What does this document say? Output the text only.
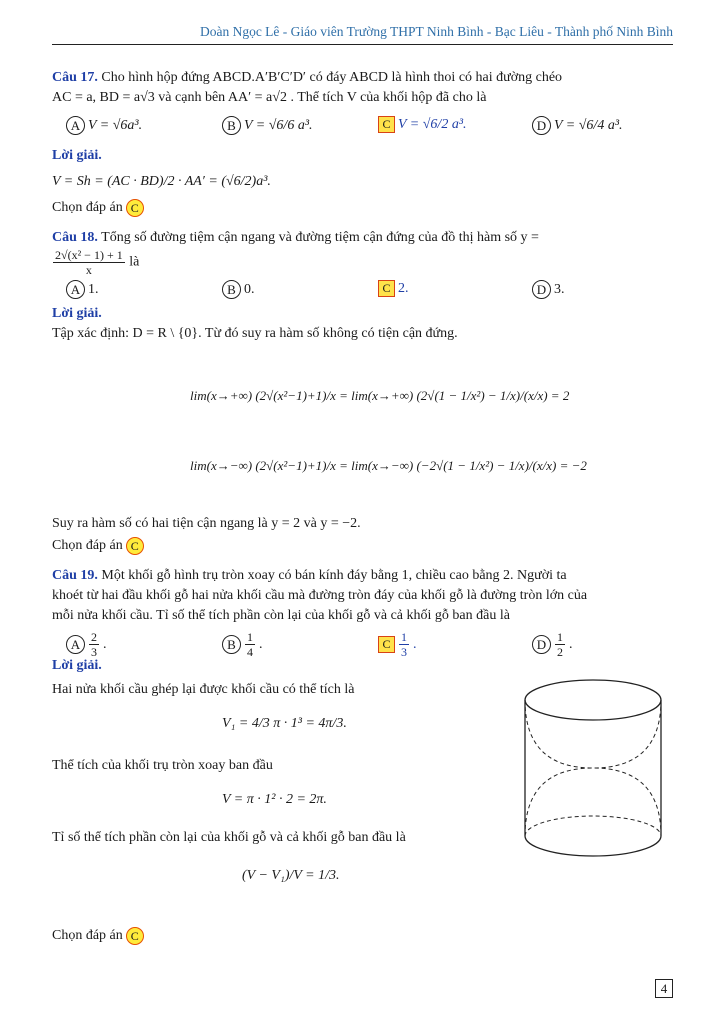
Doàn Ngọc Lê - Giáo viên Trường THPT Ninh Bình - Bạc Liêu - Thành phố Ninh Bình
Câu 17. Cho hình hộp đứng ABCD.A′B′C′D′ có đáy ABCD là hình thoi có hai đường chéo
AC = a, BD = a√3 và cạnh bên AA′ = a√2 . Thể tích V của khối hộp đã cho là
A V = √6a³.	B V = √6/6 a³.	C V = √6/2 a³.	D V = √6/4 a³.
Lời giải.
V = Sh = (AC · BD)/2 · AA′ = (√6/2)a³.
Chọn đáp án C
Câu 18. Tổng số đường tiệm cận ngang và đường tiệm cận đứng của đồ thị hàm số y =
$\frac{\text{2√(x² − 1) + 1}}{x}$ là
A 1.	B 0.	C 2.	D 3.
Lời giải.
Tập xác định: D = R \ {0}. Từ đó suy ra hàm số không có tiện cận đứng.
lim(x→+∞) (2√(x²−1)+1)/x = lim(x→+∞) (2√(1 − 1/x²) − 1/x)/(x/x) = 2
lim(x→−∞) (2√(x²−1)+1)/x = lim(x→−∞) (−2√(1 − 1/x²) − 1/x)/(x/x) = −2
Suy ra hàm số có hai tiện cận ngang là y = 2 và y = −2.
Chọn đáp án C
Câu 19. Một khối gỗ hình trụ tròn xoay có bán kính đáy bằng 1, chiều cao bằng 2. Người ta
khoét từ hai đầu khối gỗ hai nửa khối cầu mà đường tròn đáy của khối gỗ là đường tròn lớn của
mỗi nửa khối cầu. Tỉ số thể tích phần còn lại của khối gỗ và cả khối gỗ ban đầu là
A $\frac{2}{3}$ .	B $\frac{1}{4}$ .	C $\frac{1}{3}$ .	D $\frac{1}{2}$ .
Lời giải.
Hai nửa khối cầu ghép lại được khối cầu có thể tích là
V₁ = 4/3 π · 1³ = 4π/3.
Thể tích của khối trụ tròn xoay ban đầu
V = π · 1² · 2 = 2π.
Tỉ số thể tích phần còn lại của khối gỗ và cả khối gỗ ban đầu là
(V − V₁)/V = 1/3.
Chọn đáp án C
4
